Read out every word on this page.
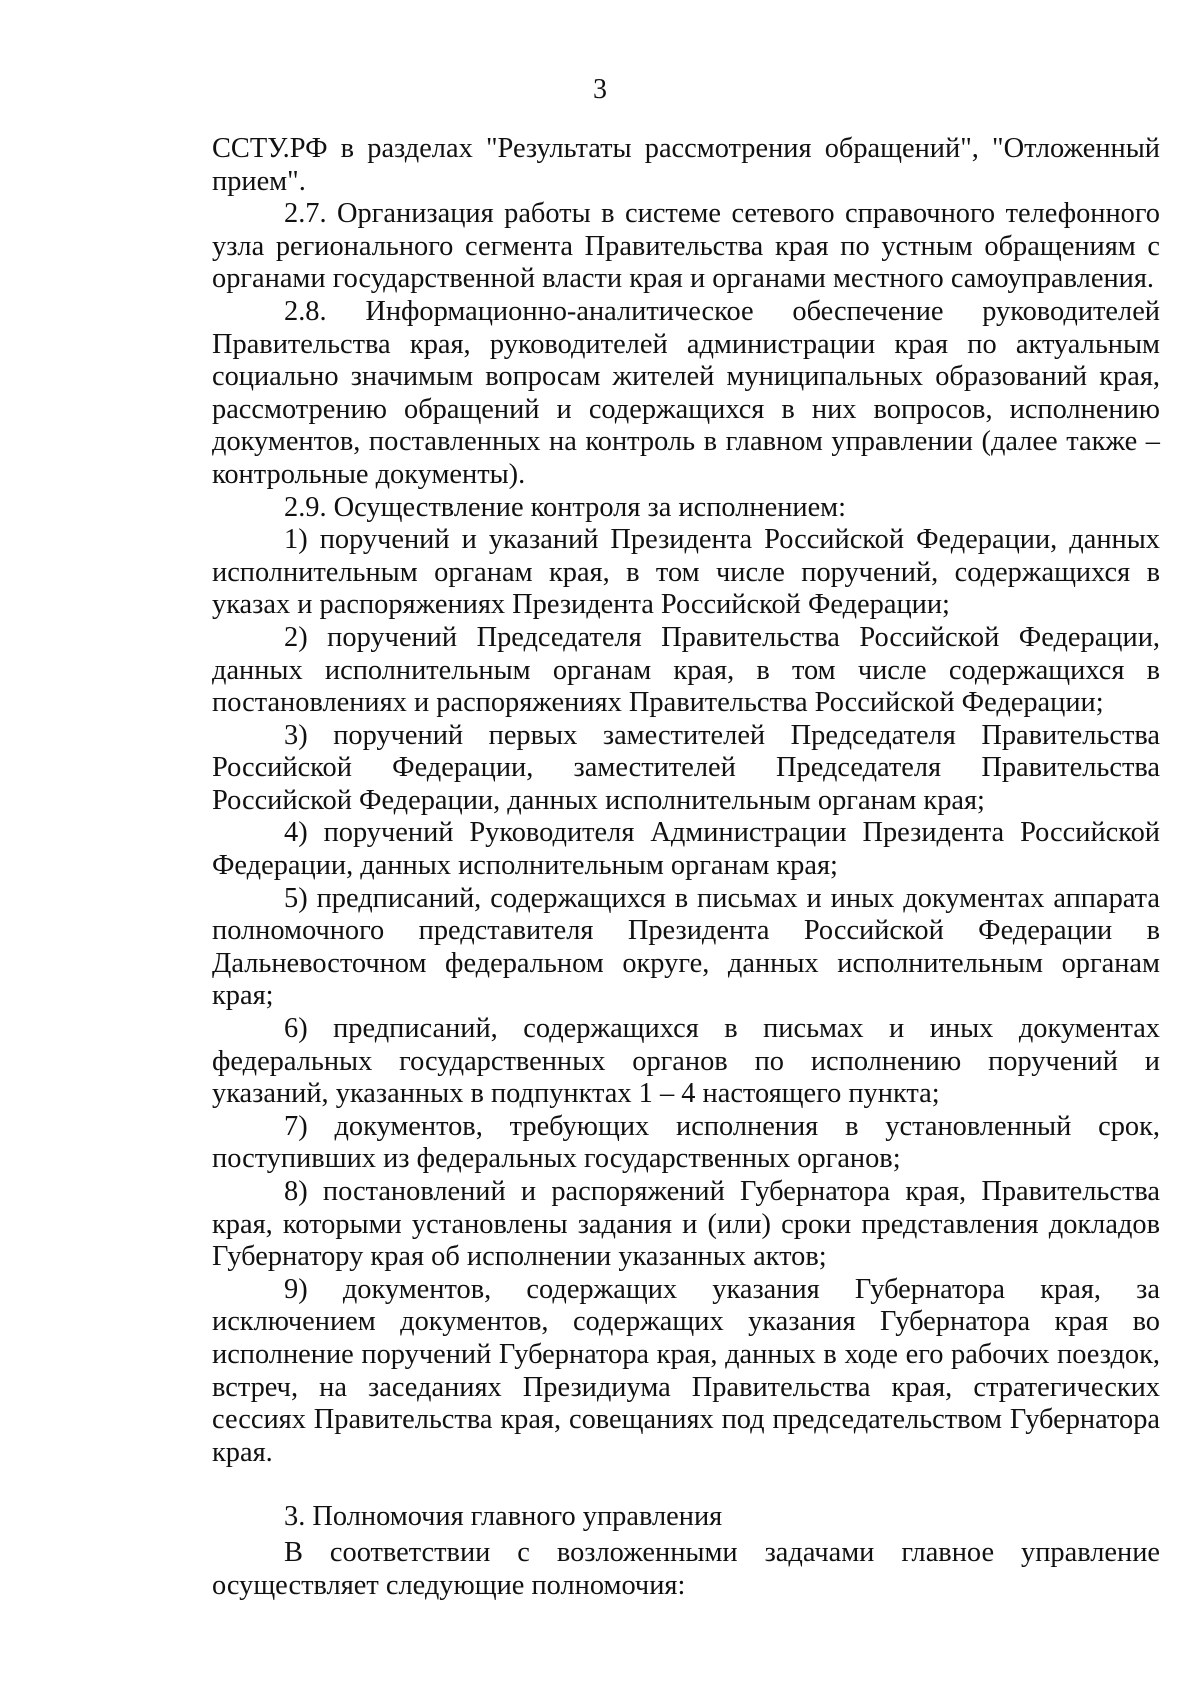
3

ССТУ.РФ в разделах "Результаты рассмотрения обращений", "Отложенный прием".

2.7. Организация работы в системе сетевого справочного телефонного узла регионального сегмента Правительства края по устным обращениям с органами государственной власти края и органами местного самоуправления.

2.8. Информационно-аналитическое обеспечение руководителей Правительства края, руководителей администрации края по актуальным социально значимым вопросам жителей муниципальных образований края, рассмотрению обращений и содержащихся в них вопросов, исполнению документов, поставленных на контроль в главном управлении (далее также – контрольные документы).

2.9. Осуществление контроля за исполнением:

1) поручений и указаний Президента Российской Федерации, данных исполнительным органам края, в том числе поручений, содержащихся в указах и распоряжениях Президента Российской Федерации;

2) поручений Председателя Правительства Российской Федерации, данных исполнительным органам края, в том числе содержащихся в постановлениях и распоряжениях Правительства Российской Федерации;

3) поручений первых заместителей Председателя Правительства Российской Федерации, заместителей Председателя Правительства Российской Федерации, данных исполнительным органам края;

4) поручений Руководителя Администрации Президента Российской Федерации, данных исполнительным органам края;

5) предписаний, содержащихся в письмах и иных документах аппарата полномочного представителя Президента Российской Федерации в Дальневосточном федеральном округе, данных исполнительным органам края;

6) предписаний, содержащихся в письмах и иных документах федеральных государственных органов по исполнению поручений и указаний, указанных в подпунктах 1 – 4 настоящего пункта;

7) документов, требующих исполнения в установленный срок, поступивших из федеральных государственных органов;

8) постановлений и распоряжений Губернатора края, Правительства края, которыми установлены задания и (или) сроки представления докладов Губернатору края об исполнении указанных актов;

9) документов, содержащих указания Губернатора края, за исключением документов, содержащих указания Губернатора края во исполнение поручений Губернатора края, данных в ходе его рабочих поездок, встреч, на заседаниях Президиума Правительства края, стратегических сессиях Правительства края, совещаниях под председательством Губернатора края.

3. Полномочия главного управления

В соответствии с возложенными задачами главное управление осуществляет следующие полномочия:
